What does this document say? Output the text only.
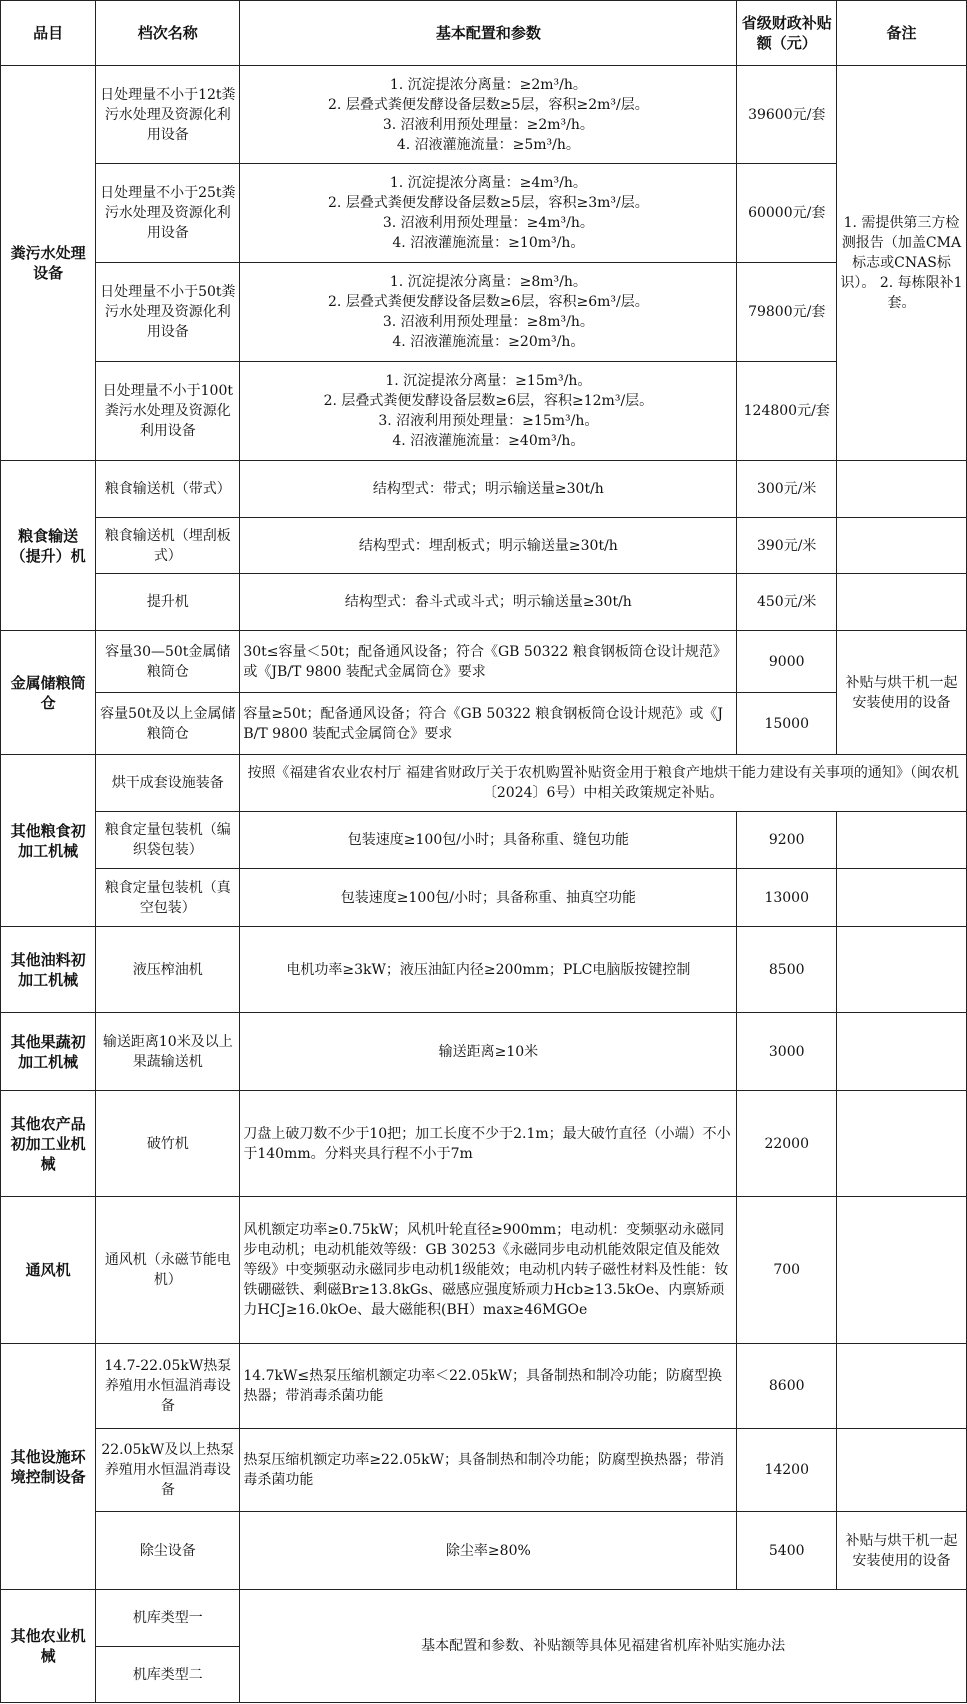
品目	档次名称	基本配置和参数	省级财政补贴额（元）	备注
粪污水处理设备	日处理量不小于12t粪污水处理及资源化利用设备	1. 沉淀提浓分离量：≥2m³/h。
2. 层叠式粪便发酵设备层数≥5层，容积≥2m³/层。
3. 沼液利用预处理量：≥2m³/h。
4. 沼液灌施流量：≥5m³/h。	39600元/套	1. 需提供第三方检测报告（加盖CMA标志或CNAS标识）。 2. 每栋限补1套。
	日处理量不小于25t粪污水处理及资源化利用设备	1. 沉淀提浓分离量：≥4m³/h。
2. 层叠式粪便发酵设备层数≥5层，容积≥3m³/层。
3. 沼液利用预处理量：≥4m³/h。
4. 沼液灌施流量：≥10m³/h。	60000元/套	
	日处理量不小于50t粪污水处理及资源化利用设备	1. 沉淀提浓分离量：≥8m³/h。
2. 层叠式粪便发酵设备层数≥6层，容积≥6m³/层。
3. 沼液利用预处理量：≥8m³/h。
4. 沼液灌施流量：≥20m³/h。	79800元/套	
	日处理量不小于100t粪污水处理及资源化利用设备	1. 沉淀提浓分离量：≥15m³/h。
2. 层叠式粪便发酵设备层数≥6层，容积≥12m³/层。
3. 沼液利用预处理量：≥15m³/h。
4. 沼液灌施流量：≥40m³/h。	124800元/套	
粮食输送（提升）机	粮食输送机（带式）	结构型式：带式；明示输送量≥30t/h	300元/米	
	粮食输送机（埋刮板式）	结构型式：埋刮板式；明示输送量≥30t/h	390元/米	
	提升机	结构型式：畚斗式或斗式；明示输送量≥30t/h	450元/米	
金属储粮筒仓	容量30—50t金属储粮筒仓	30t≤容量＜50t；配备通风设备；符合《GB 50322 粮食钢板筒仓设计规范》或《JB/T 9800 装配式金属筒仓》要求	9000	补贴与烘干机一起安装使用的设备
	容量50t及以上金属储粮筒仓	容量≥50t；配备通风设备；符合《GB 50322 粮食钢板筒仓设计规范》或《JB/T 9800 装配式金属筒仓》要求	15000	
其他粮食初加工机械	烘干成套设施装备	按照《福建省农业农村厅 福建省财政厅关于农机购置补贴资金用于粮食产地烘干能力建设有关事项的通知》（闽农机〔2024〕6号）中相关政策规定补贴。		
	粮食定量包装机（编织袋包装）	包装速度≥100包/小时；具备称重、缝包功能	9200	
	粮食定量包装机（真空包装）	包装速度≥100包/小时；具备称重、抽真空功能	13000	
其他油料初加工机械	液压榨油机	电机功率≥3kW；液压油缸内径≥200mm；PLC电脑版按键控制	8500	
其他果蔬初加工机械	输送距离10米及以上果蔬输送机	输送距离≥10米	3000	
其他农产品初加工业机械	破竹机	刀盘上破刀数不少于10把；加工长度不少于2.1m；最大破竹直径（小端）不小于140mm。分料夹具行程不小于7m	22000	
通风机	通风机（永磁节能电机）	风机额定功率≥0.75kW；风机叶轮直径≥900mm；电动机：变频驱动永磁同步电动机；电动机能效等级：GB 30253《永磁同步电动机能效限定值及能效等级》中变频驱动永磁同步电动机1级能效；电动机内转子磁性材料及性能：钕铁硼磁铁、剩磁Br≥13.8kGs、磁感应强度矫顽力Hcb≥13.5kOe、内禀矫顽力HCJ≥16.0kOe、最大磁能积(BH）max≥46MGOe	700	
其他设施环境控制设备	14.7-22.05kW热泵养殖用水恒温消毒设备	14.7kW≤热泵压缩机额定功率＜22.05kW；具备制热和制冷功能；防腐型换热器；带消毒杀菌功能	8600	
	22.05kW及以上热泵养殖用水恒温消毒设备	热泵压缩机额定功率≥22.05kW；具备制热和制冷功能；防腐型换热器；带消毒杀菌功能	14200	
	除尘设备	除尘率≥80%	5400	补贴与烘干机一起安装使用的设备
其他农业机械	机库类型一	基本配置和参数、补贴额等具体见福建省机库补贴实施办法		
	机库类型二			
